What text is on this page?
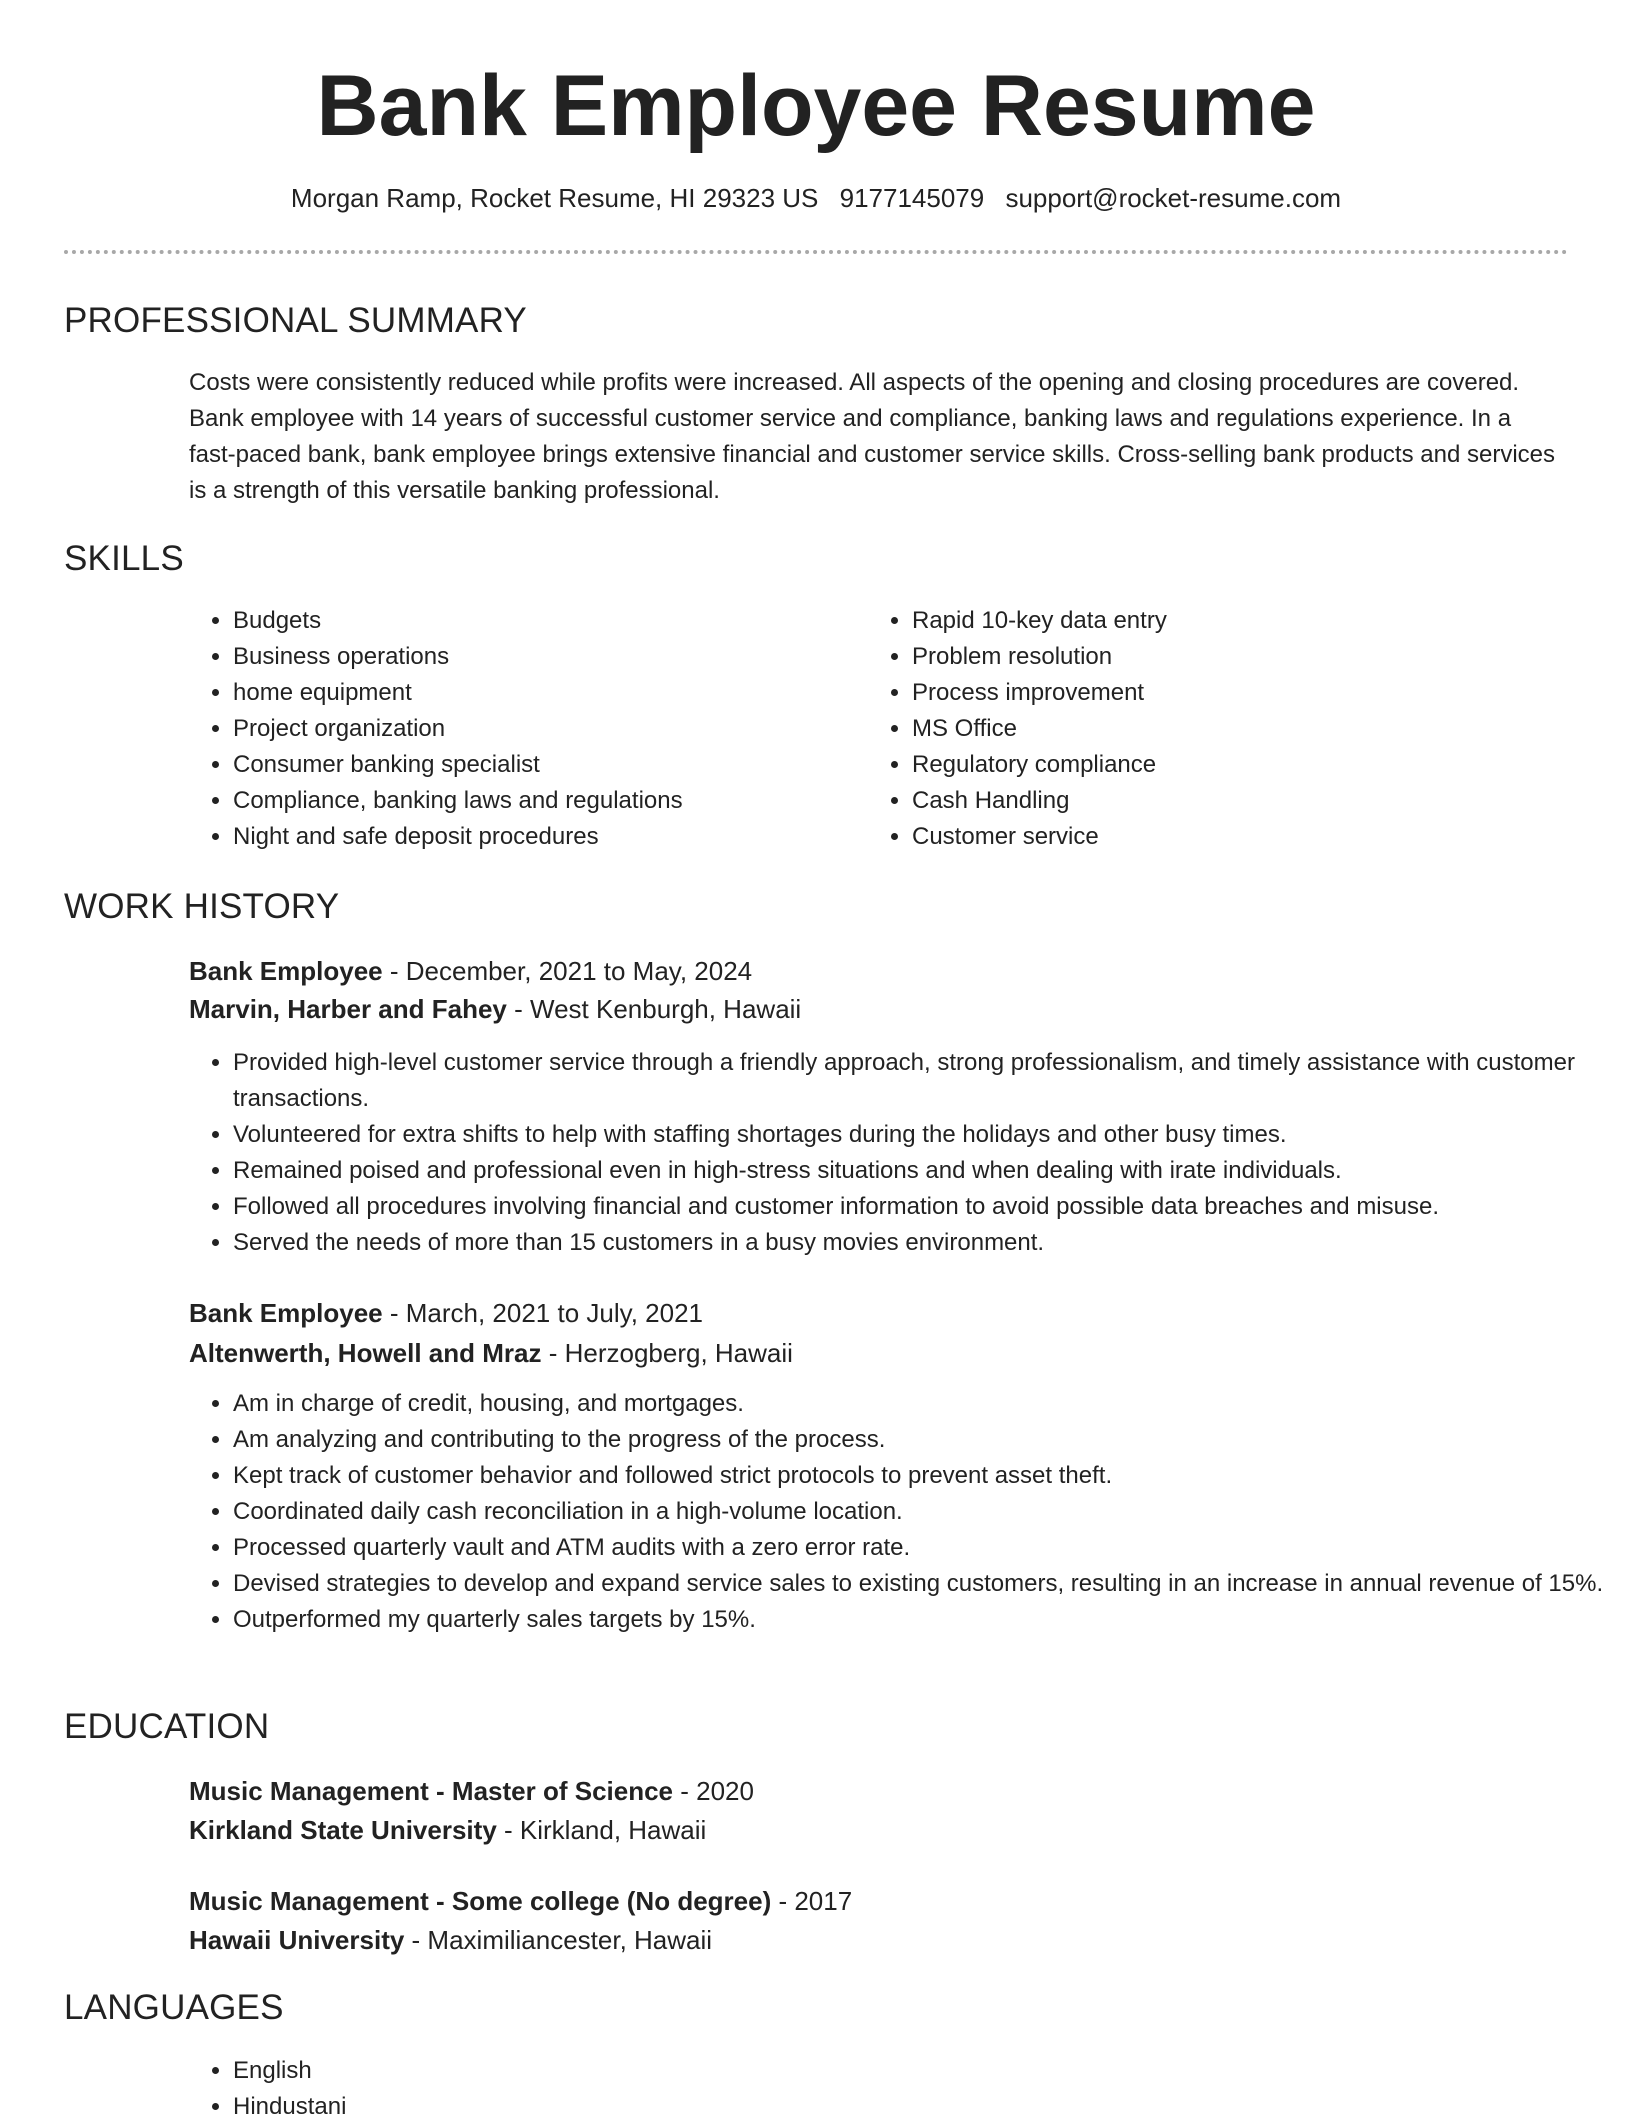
Bank Employee Resume
Morgan Ramp, Rocket Resume, HI 29323 US 9177145079 support@rocket-resume.com
PROFESSIONAL SUMMARY

Costs were consistently reduced while profits were increased. All aspects of the opening and closing procedures are covered. Bank employee with 14 years of successful customer service and compliance, banking laws and regulations experience. In a fast-paced bank, bank employee brings extensive financial and customer service skills. Cross-selling bank products and services is a strength of this versatile banking professional.

SKILLS
• Budgets
• Business operations
• home equipment
• Project organization
• Consumer banking specialist
• Compliance, banking laws and regulations
• Night and safe deposit procedures
• Rapid 10-key data entry
• Problem resolution
• Process improvement
• MS Office
• Regulatory compliance
• Cash Handling
• Customer service
WORK HISTORY
Bank Employee - December, 2021 to May, 2024
Marvin, Harber and Fahey - West Kenburgh, Hawaii
• Provided high-level customer service through a friendly approach, strong professionalism, and timely assistance with customer transactions.
• Volunteered for extra shifts to help with staffing shortages during the holidays and other busy times.
• Remained poised and professional even in high-stress situations and when dealing with irate individuals.
• Followed all procedures involving financial and customer information to avoid possible data breaches and misuse.
• Served the needs of more than 15 customers in a busy movies environment.
Bank Employee - March, 2021 to July, 2021
Altenwerth, Howell and Mraz - Herzogberg, Hawaii
• Am in charge of credit, housing, and mortgages.
• Am analyzing and contributing to the progress of the process.
• Kept track of customer behavior and followed strict protocols to prevent asset theft.
• Coordinated daily cash reconciliation in a high-volume location.
• Processed quarterly vault and ATM audits with a zero error rate.
• Devised strategies to develop and expand service sales to existing customers, resulting in an increase in annual revenue of 15%.
• Outperformed my quarterly sales targets by 15%.
EDUCATION
Music Management - Master of Science - 2020
Kirkland State University - Kirkland, Hawaii
Music Management - Some college (No degree) - 2017
Hawaii University - Maximiliancester, Hawaii
LANGUAGES
• English
• Hindustani
